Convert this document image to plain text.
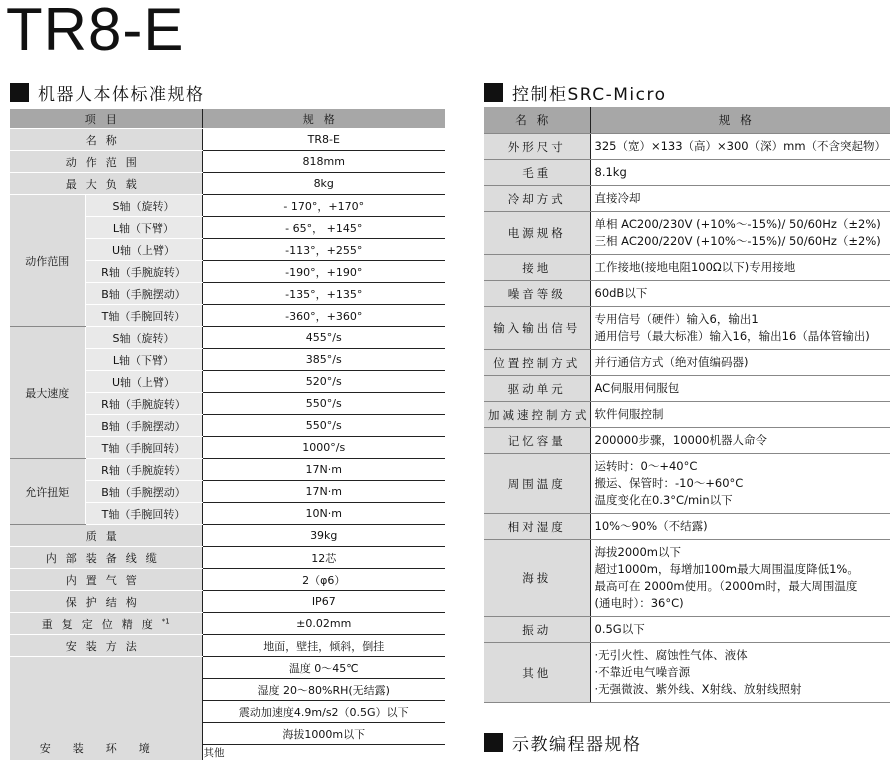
TR8-E
机器人本体标准规格	控制柜SRC-Micro
示教编程器规格
项目		规格
名称		TR8-E
动作范围		818mm
最大负载		8kg
动作范围	S轴（旋转）	- 170°，+170°
	L轴（下臂）	- 65°， +145°
	U轴（上臂）	-113°，+255°
	R轴（手腕旋转）	-190°，+190°
	B轴（手腕摆动）	-135°，+135°
	T轴（手腕回转）	-360°，+360°
最大速度	S轴（旋转）	455°/s
	L轴（下臂）	385°/s
	U轴（上臂）	520°/s
	R轴（手腕旋转）	550°/s
	B轴（手腕摆动）	550°/s
	T轴（手腕回转）	1000°/s
允许扭矩	R轴（手腕旋转）	17N·m
	B轴（手腕摆动）	17N·m
	T轴（手腕回转）	10N·m
质量		39kg
内部装备线缆		12芯
内置气管		2（φ6）
保护结构		IP67
重复定位精度$^{*1}$		±0.02mm
安装方法		地面，壁挂，倾斜，倒挂
安装环境		温度 0～45℃
		湿度 20～80%RH(无结露)
		震动加速度4.9m/s2（0.5G）以下
		海拔1000m以下
		其他
名称	规格
外形尺寸	325（宽）×133（高）×300（深）mm（不含突起物）

毛重	8.1kg

冷却方式	直接冷却

电源规格	单相 AC200/230V (+10%～-15%)/ 50/60Hz（±2%)
三相 AC200/220V (+10%～-15%)/ 50/60Hz（±2%)

接地	工作接地(接地电阻100Ω以下)专用接地

噪音等级	60dB以下

输入输出信号	专用信号（硬件）输入6，输出1
通用信号（最大标准）输入16，输出16（晶体管输出)

位置控制方式	并行通信方式（绝对值编码器)

驱动单元	AC伺服用伺服包

加减速控制方式	软件伺服控制

记忆容量	200000步骤，10000机器人命令

周围温度	运转时：0～+40°C
搬运、保管时：-10～+60°C
温度变化在0.3°C/min以下

相对湿度	10%～90%（不结露)

海拔	海拔2000m以下
超过1000m，每增加100m最大周围温度降低1%。
最高可在 2000m使用。（2000m时，最大周围温度
(通电时）：36°C)

振动	0.5G以下

其他	·无引火性、腐蚀性气体、液体
·不靠近电气噪音源
·无强微波、紫外线、X射线、放射线照射
